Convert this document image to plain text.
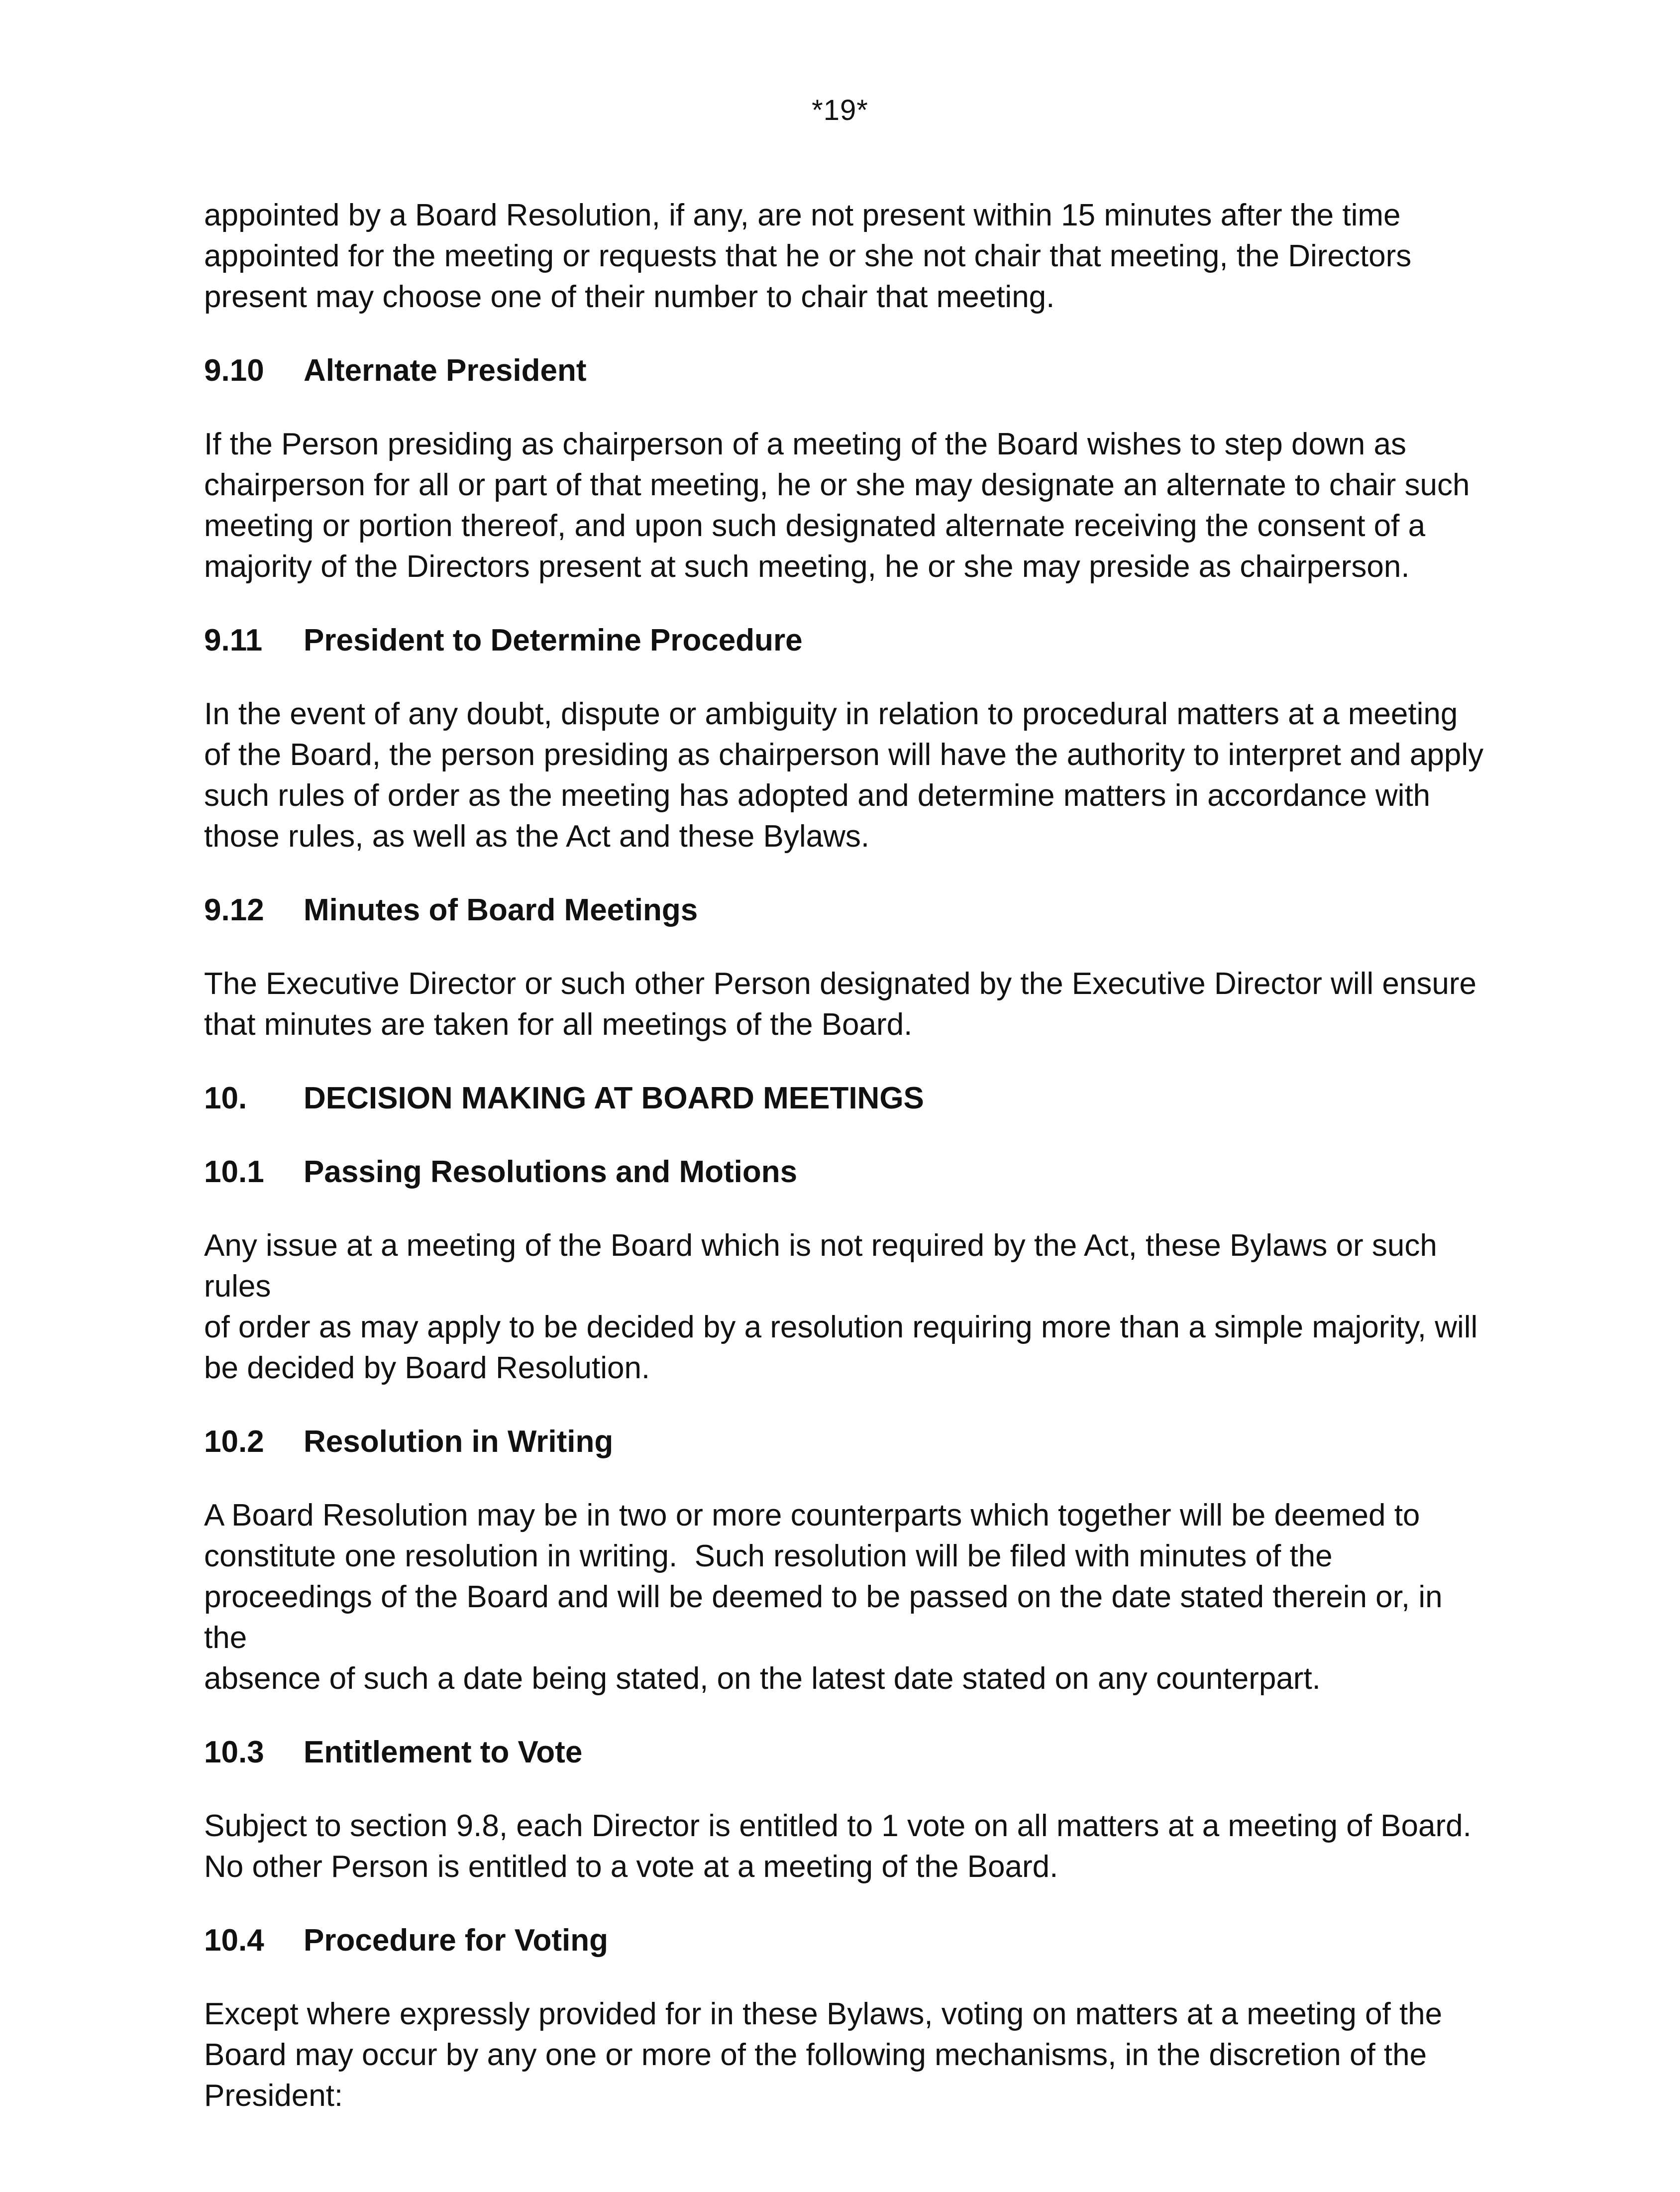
*19*

appointed by a Board Resolution, if any, are not present within 15 minutes after the time
appointed for the meeting or requests that he or she not chair that meeting, the Directors
present may choose one of their number to chair that meeting.

9.10	Alternate President

If the Person presiding as chairperson of a meeting of the Board wishes to step down as
chairperson for all or part of that meeting, he or she may designate an alternate to chair such
meeting or portion thereof, and upon such designated alternate receiving the consent of a
majority of the Directors present at such meeting, he or she may preside as chairperson.

9.11	President to Determine Procedure

In the event of any doubt, dispute or ambiguity in relation to procedural matters at a meeting
of the Board, the person presiding as chairperson will have the authority to interpret and apply
such rules of order as the meeting has adopted and determine matters in accordance with
those rules, as well as the Act and these Bylaws.

9.12	Minutes of Board Meetings

The Executive Director or such other Person designated by the Executive Director will ensure
that minutes are taken for all meetings of the Board.

10.	DECISION MAKING AT BOARD MEETINGS
10.1	Passing Resolutions and Motions

Any issue at a meeting of the Board which is not required by the Act, these Bylaws or such rules
of order as may apply to be decided by a resolution requiring more than a simple majority, will
be decided by Board Resolution.

10.2	Resolution in Writing

A Board Resolution may be in two or more counterparts which together will be deemed to
constitute one resolution in writing.  Such resolution will be filed with minutes of the
proceedings of the Board and will be deemed to be passed on the date stated therein or, in the
absence of such a date being stated, on the latest date stated on any counterpart.

10.3	Entitlement to Vote

Subject to section 9.8, each Director is entitled to 1 vote on all matters at a meeting of Board.
No other Person is entitled to a vote at a meeting of the Board.

10.4	Procedure for Voting

Except where expressly provided for in these Bylaws, voting on matters at a meeting of the
Board may occur by any one or more of the following mechanisms, in the discretion of the
President:
